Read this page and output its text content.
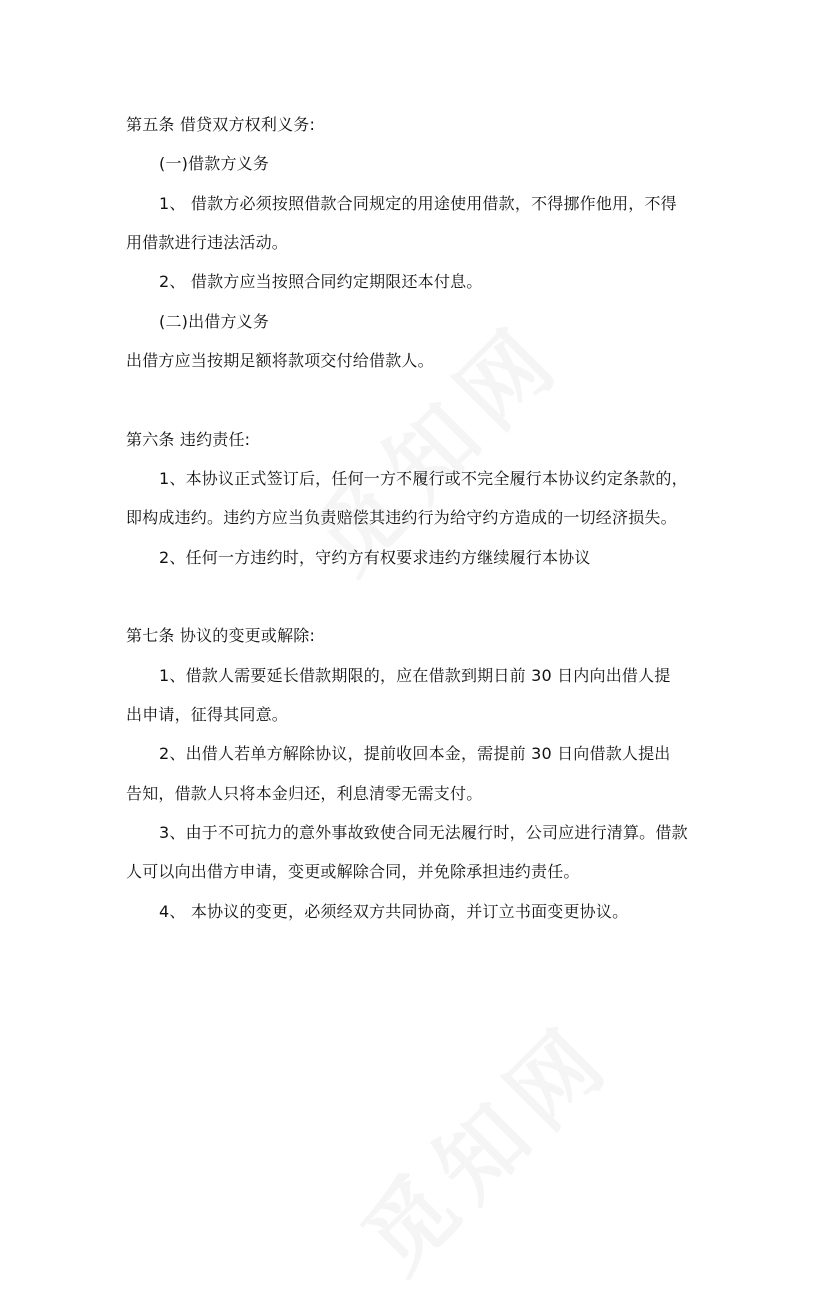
第五条 借贷双方权利义务:
(一)借款方义务
1、 借款方必须按照借款合同规定的用途使用借款，不得挪作他用，不得
用借款进行违法活动。
2、 借款方应当按照合同约定期限还本付息。
(二)出借方义务
出借方应当按期足额将款项交付给借款人。
第六条 违约责任:
1、本协议正式签订后，任何一方不履行或不完全履行本协议约定条款的，
即构成违约。违约方应当负责赔偿其违约行为给守约方造成的一切经济损失。
2、任何一方违约时，守约方有权要求违约方继续履行本协议
第七条 协议的变更或解除:
1、借款人需要延长借款期限的，应在借款到期日前 30 日内向出借人提
出申请，征得其同意。
2、出借人若单方解除协议，提前收回本金，需提前 30 日向借款人提出
告知，借款人只将本金归还，利息清零无需支付。
3、由于不可抗力的意外事故致使合同无法履行时，公司应进行清算。借款
人可以向出借方申请，变更或解除合同，并免除承担违约责任。
4、 本协议的变更，必须经双方共同协商，并订立书面变更协议。
